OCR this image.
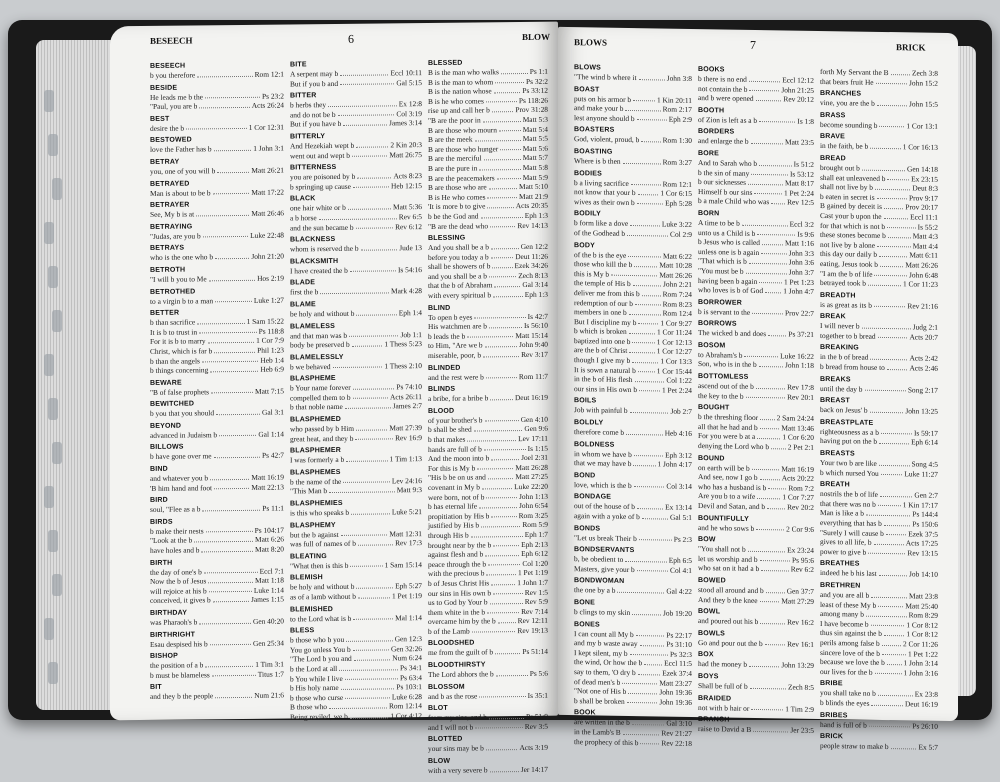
BESEECH	6	BLOW
BESEECH
b you therefore	Rom 12:1
BESIDE
He leads me b the	Ps 23:2
"Paul, you are b	Acts 26:24
BEST
desire the b	1 Cor 12:31
BESTOWED
love the Father has b	1 John 3:1
BETRAY
you, one of you will b	Matt 26:21
BETRAYED
Man is about to be b	Matt 17:22
BETRAYER
See, My b is at	Matt 26:46
BETRAYING
"Judas, are you b	Luke 22:48
BETRAYS
who is the one who b	John 21:20
BETROTH
"I will b you to Me	Hos 2:19
BETROTHED
to a virgin b to a man	Luke 1:27
BETTER
b than sacrifice	1 Sam 15:22
It is b to trust in	Ps 118:8
For it is b to marry	1 Cor 7:9
Christ, which is far b	Phil 1:23
b than the angels	Heb 1:4
b things concerning	Heb 6:9
BEWARE
"B of false prophets	Matt 7:15
BEWITCHED
b you that you should	Gal 3:1
BEYOND
advanced in Judaism b	Gal 1:14
BILLOWS
b have gone over me	Ps 42:7
BIND
and whatever you b	Matt 16:19
'B him hand and foot	Matt 22:13
BIRD
soul, "Flee as a b	Ps 11:1
BIRDS
b make their nests	Ps 104:17
"Look at the b	Matt 6:26
have holes and b	Matt 8:20
BIRTH
the day of one's b	Eccl 7:1
Now the b of Jesus	Matt 1:18
will rejoice at his b	Luke 1:14
conceived, it gives b	James 1:15
BIRTHDAY
was Pharaoh's b	Gen 40:20
BIRTHRIGHT
Esau despised his b	Gen 25:34
BISHOP
the position of a b	1 Tim 3:1
b must be blameless	Titus 1:7
BIT
and they b the people	Num 21:6
BITE
A serpent may b	Eccl 10:11
But if you b and	Gal 5:15
BITTER
b herbs they	Ex 12:8
and do not be b	Col 3:19
But if you have b	James 3:14
BITTERLY
And Hezekiah wept b	2 Kin 20:3
went out and wept b	Matt 26:75
BITTERNESS
you are poisoned by b	Acts 8:23
b springing up cause	Heb 12:15
BLACK
one hair white or b	Matt 5:36
a b horse	Rev 6:5
and the sun became b	Rev 6:12
BLACKNESS
whom is reserved the b	Jude 13
BLACKSMITH
I have created the b	Is 54:16
BLADE
first the b	Mark 4:28
BLAME
be holy and without b	Eph 1:4
BLAMELESS
and that man was b	Job 1:1
body be preserved b	1 Thess 5:23
BLAMELESSLY
b we behaved	1 Thess 2:10
BLASPHEME
b Your name forever	Ps 74:10
compelled them to b	Acts 26:11
b that noble name	James 2:7
BLASPHEMED
who passed by b Him	Matt 27:39
great heat, and they b	Rev 16:9
BLASPHEMER
I was formerly a b	1 Tim 1:13
BLASPHEMES
b the name of the	Lev 24:16
"This Man b	Matt 9:3
BLASPHEMIES
is this who speaks b	Luke 5:21
BLASPHEMY
but the b against	Matt 12:31
was full of names of b	Rev 17:3
BLEATING
"What then is this b	1 Sam 15:14
BLEMISH
be holy and without b	Eph 5:27
as of a lamb without b	1 Pet 1:19
BLEMISHED
to the Lord what is b	Mal 1:14
BLESS
b those who b you	Gen 12:3
You go unless You b	Gen 32:26
"The Lord b you and	Num 6:24
b the Lord at all	Ps 34:1
b You while I live	Ps 63:4
b His holy name	Ps 103:1
b those who curse	Luke 6:28
B those who	Rom 12:14
Being reviled, we b	1 Cor 4:12
BLESSED
B is the man who walks	Ps 1:1
B is the man to whom	Ps 32:2
B is the nation whose	Ps 33:12
B is he who comes	Ps 118:26
rise up and call her b	Prov 31:28
"B are the poor in	Matt 5:3
B are those who mourn	Matt 5:4
B are the meek	Matt 5:5
B are those who hunger	Matt 5:6
B are the merciful	Matt 5:7
B are the pure in	Matt 5:8
B are the peacemakers	Matt 5:9
B are those who are	Matt 5:10
B is He who comes	Matt 21:9
'It is more b to give	Acts 20:35
b be the God and	Eph 1:3
"B are the dead who	Rev 14:13
BLESSING
And you shall be a b	Gen 12:2
before you today a b	Deut 11:26
shall be showers of b	Ezek 34:26
and you shall be a b	Zech 8:13
that the b of Abraham	Gal 3:14
with every spiritual b	Eph 1:3
BLIND
To open b eyes	Is 42:7
His watchmen are b	Is 56:10
b leads the b	Matt 15:14
to Him, "Are we b	John 9:40
miserable, poor, b	Rev 3:17
BLINDED
and the rest were b	Rom 11:7
BLINDS
a bribe, for a bribe b	Deut 16:19
BLOOD
of your brother's b	Gen 4:10
b shall be shed	Gen 9:6
b that makes	Lev 17:11
hands are full of b	Is 1:15
And the moon into b	Joel 2:31
For this is My b	Matt 26:28
"His b be on us and	Matt 27:25
covenant in My b	Luke 22:20
were born, not of b	John 1:13
b has eternal life	John 6:54
propitiation by His b	Rom 3:25
justified by His b	Rom 5:9
through His b	Eph 1:7
brought near by the b	Eph 2:13
against flesh and b	Eph 6:12
peace through the b	Col 1:20
with the precious b	1 Pet 1:19
b of Jesus Christ His	1 John 1:7
our sins in His own b	Rev 1:5
us to God by Your b	Rev 5:9
them white in the b	Rev 7:14
overcame him by the b	Rev 12:11
b of the Lamb	Rev 19:13
BLOODSHED
me from the guilt of b	Ps 51:14
BLOODTHIRSTY
The Lord abhors the b	Ps 5:6
BLOSSOM
and b as the rose	Is 35:1
BLOT
from my sins, and b	Ps 51:9
and I will not b	Rev 3:5
BLOTTED
your sins may be b	Acts 3:19
BLOW
with a very severe b	Jer 14:17
BLOWS	7	BRICK
BLOWS
"The wind b where it	John 3:8
BOAST
puts on his armor b	1 Kin 20:11
and make your b	Rom 2:17
lest anyone should b	Eph 2:9
BOASTERS
God, violent, proud, b	Rom 1:30
BOASTING
Where is b then	Rom 3:27
BODIES
b a living sacrifice	Rom 12:1
not know that your b	1 Cor 6:15
wives as their own b	Eph 5:28
BODILY
b form like a dove	Luke 3:22
of the Godhead b	Col 2:9
BODY
of the b is the eye	Matt 6:22
those who kill the b	Matt 10:28
this is My b	Matt 26:26
the temple of His b	John 2:21
deliver me from this b	Rom 7:24
redemption of our b	Rom 8:23
members in one b	Rom 12:4
But I discipline my b	1 Cor 9:27
b which is broken	1 Cor 11:24
baptized into one b	1 Cor 12:13
are the b of Christ	1 Cor 12:27
though I give my b	1 Cor 13:3
It is sown a natural b	1 Cor 15:44
in the b of His flesh	Col 1:22
our sins in His own b	1 Pet 2:24
BOILS
Job with painful b	Job 2:7
BOLDLY
therefore come b	Heb 4:16
BOLDNESS
in whom we have b	Eph 3:12
that we may have b	1 John 4:17
BOND
love, which is the b	Col 3:14
BONDAGE
out of the house of b	Ex 13:14
again with a yoke of b	Gal 5:1
BONDS
"Let us break Their b	Ps 2:3
BONDSERVANTS
b, be obedient to	Eph 6:5
Masters, give your b	Col 4:1
BONDWOMAN
the one by a b	Gal 4:22
BONE
b clings to my skin	Job 19:20
BONES
I can count all My b	Ps 22:17
and my b waste away	Ps 31:10
I kept silent, my b	Ps 32:3
the wind, Or how the b	Eccl 11:5
say to them, 'O dry b	Ezek 37:4
of dead men's b	Matt 23:27
"Not one of His b	John 19:36
b shall be broken	John 19:36
BOOK
are written in the b	Gal 3:10
in the Lamb's B	Rev 21:27
the prophecy of this b	Rev 22:18
BOOKS
b there is no end	Eccl 12:12
not contain the b	John 21:25
and b were opened	Rev 20:12
BOOTH
of Zion is left as a b	Is 1:8
BORDERS
and enlarge the b	Matt 23:5
BORE
And to Sarah who b	Is 51:2
b the sin of many	Is 53:12
b our sicknesses	Matt 8:17
Himself b our sins	1 Pet 2:24
b a male Child who was Rev 12:5
BORN
A time to be b	Eccl 3:2
unto us a Child is b	Is 9:6
b Jesus who is called	Matt 1:16
unless one is b again	John 3:3
"That which is b	John 3:6
"You must be b	John 3:7
having been b again	1 Pet 1:23
who loves is b of God	1 John 4:7
BORROWER
b is servant to the	Prov 22:7
BORROWS
The wicked b and does	Ps 37:21
BOSOM
to Abraham's b	Luke 16:22
Son, who is in the b	John 1:18
BOTTOMLESS
ascend out of the b	Rev 17:8
the key to the b	Rev 20:1
BOUGHT
b the threshing floor 2 Sam 24:24
all that he had and b	Matt 13:46
For you were b at a	1 Cor 6:20
denying the Lord who b	2 Pet 2:1
BOUND
on earth will be b	Matt 16:19
And see, now I go b	Acts 20:22
who has a husband is b	Rom 7:2
Are you b to a wife	1 Cor 7:27
Devil and Satan, and b	Rev 20:2
BOUNTIFULLY
and he who sows b	2 Cor 9:6
BOW
"You shall not b	Ex 23:24
let us worship and b	Ps 95:6
who sat on it had a b	Rev 6:2
BOWED
stood all around and b	Gen 37:7
And they b the knee	Matt 27:29
BOWL
and poured out his b	Rev 16:2
BOWLS
Go and pour out the b	Rev 16:1
BOX
had the money b	John 13:29
BOYS
Shall be full of b	Zech 8:5
BRAIDED
not with b hair or	1 Tim 2:9
BRANCH
raise to David a B	Jer 23:5
forth My Servant the B	Zech 3:8
that bears fruit He	John 15:2
BRANCHES
vine, you are the b	John 15:5
BRASS
become sounding b	1 Cor 13:1
BRAVE
in the faith, be b	1 Cor 16:13
BREAD
brought out b	Gen 14:18
shall eat unleavened b	Ex 23:15
shall not live by b	Deut 8:3
b eaten in secret is	Prov 9:17
B gained by deceit is	Prov 20:17
Cast your b upon the	Eccl 11:1
for that which is not b	Is 55:2
these stones become b	Matt 4:3
not live by b alone	Matt 4:4
this day our daily b	Matt 6:11
eating, Jesus took b	Matt 26:26
"I am the b of life	John 6:48
betrayed took b	1 Cor 11:23
BREADTH
is as great as its b	Rev 21:16
BREAK
I will never b	Judg 2:1
together to b bread	Acts 20:7
BREAKING
in the b of bread	Acts 2:42
b bread from house to	Acts 2:46
BREAKS
until the day b	Song 2:17
BREAST
back on Jesus' b	John 13:25
BREASTPLATE
righteousness as a b	Is 59:17
having put on the b	Eph 6:14
BREASTS
Your two b are like	Song 4:5
b which nursed You	Luke 11:27
BREATH
nostrils the b of life	Gen 2:7
that there was no b	1 Kin 17:17
Man is like a b	Ps 144:4
everything that has b	Ps 150:6
"Surely I will cause b	Ezek 37:5
gives to all life, b	Acts 17:25
power to give b	Rev 13:15
BREATHES
indeed he b his last	Job 14:10
BRETHREN
and you are all b	Matt 23:8
least of these My b	Matt 25:40
among many b	Rom 8:29
I have become b	1 Cor 8:12
thus sin against the b	1 Cor 8:12
perils among false b	2 Cor 11:26
sincere love of the b	1 Pet 1:22
because we love the b	1 John 3:14
our lives for the b	1 John 3:16
BRIBE
you shall take no b	Ex 23:8
b blinds the eyes	Deut 16:19
BRIBES
hand is full of b	Ps 26:10
BRICK
people straw to make b	Ex 5:7
